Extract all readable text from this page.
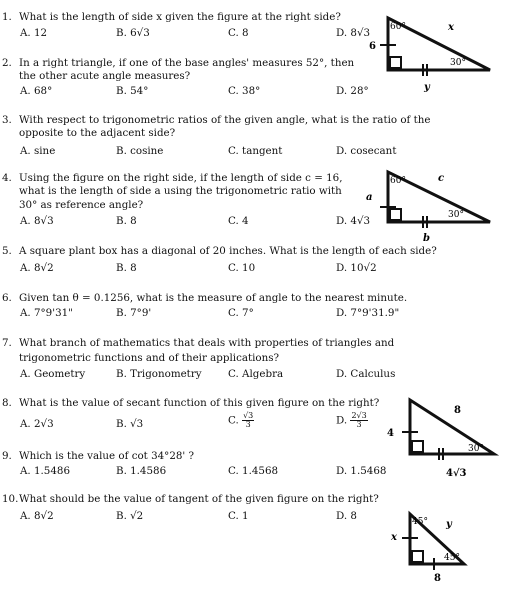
1. What is the length of side x given the figure at the right side?
A. 12	B. 6√3	C. 8	D. 8√3
2. In a right triangle, if one of the base angles' measures 52°, then
the other acute angle measures?
A. 68°	B. 54°	C. 38°	D. 28°
3. With respect to trigonometric ratios of the given angle, what is the ratio of the
opposite to the adjacent side?
A. sine	B. cosine	C. tangent	D. cosecant
4. Using the figure on the right side, if the length of side c = 16,
what is the length of side a using the trigonometric ratio with
30° as reference angle?
A. 8√3	B. 8	C. 4	D. 4√3
5. A square plant box has a diagonal of 20 inches. What is the length of each side?
A. 8√2	B. 8	C. 10	D. 10√2
6. Given tan θ = 0.1256, what is the measure of angle to the nearest minute.
A. 7°9'31"	B. 7°9'	C. 7°	D. 7°9'31.9"
7. What branch of mathematics that deals with properties of triangles and
trigonometric functions and of their applications?
A. Geometry	B. Trigonometry	C. Algebra	D. Calculus
8. What is the value of secant function of this given figure on the right?
A. 2√3	B. √3	C. $\frac{√3}{3}$	D. $\frac{2√3}{3}$
9. Which is the value of cot 34°28' ?
A. 1.5486	B. 1.4586	C. 1.4568	D. 1.5468
10.What should be the value of tangent of the given figure on the right?
A. 8√2	B. √2	C. 1	D. 8
60°	x
6
30°
y
60°	c
a
30°
b
8
4
30°
4√3
45° y
x
45°
8
